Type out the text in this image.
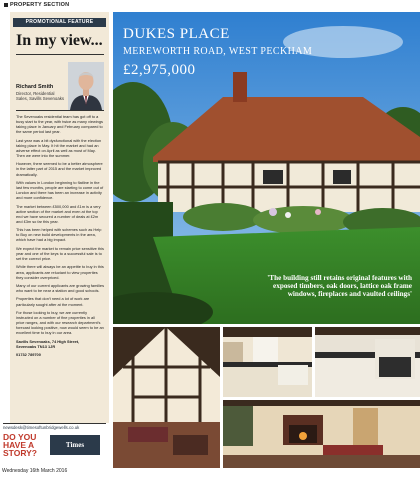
PROPERTY SECTION
PROMOTIONAL FEATURE
In my view...
Richard Smith
Director, Residential Sales, Savills Sevenoaks

The Sevenoaks residential team has got off to a busy start to the year, with twice as many viewings taking place in January and February compared to the same period last year.

Last year was a bit dysfunctional with the election taking place in May. It hit the market and had an adverse effect on April as well as most of May. Then we were into the summer.

However, there seemed to be a better atmosphere in the latter part of 2015 and the market improved dramatically.

With values in London beginning to flatline in the last few months, people are starting to come out of London and there has been an increase in activity and more confidence.

The market between £500,000 and £1m is a very active section of the market and even at the top end we have secured a number of deals at £2m and £3m so far this year.

This has been helped with schemes such as Help to Buy on new build developments in the area, which have had a big impact.

We expect the market to remain price sensitive this year and one of the keys to a successful sale is to set the correct price.

While there will always be an appetite to buy in this area, applicants are reluctant to view properties they consider overpriced.

Many of our current applicants are growing families who want to be near a station and good schools.

Properties that don't need a lot of work are particularly sought after at the moment.

For those looking to buy, we are currently instructed on a number of fine properties in all price ranges, and with our research department's forecast looking positive, now would seem to be an excellent time to buy in our area.

Savills Sevenoaks, 74 High Street,
Sevenoaks TN13 1JR

01732 789700

newsdesk@timesoftunbridgewells.co.uk
DO YOU
HAVE A
STORY?
Times
Wednesday 16th March 2016
DUKES PLACE
MEREWORTH ROAD, WEST PECKHAM
£2,975,000
'The building still retains original features with exposed timbers, oak doors, lattice oak frame windows, fireplaces and vaulted ceilings'
